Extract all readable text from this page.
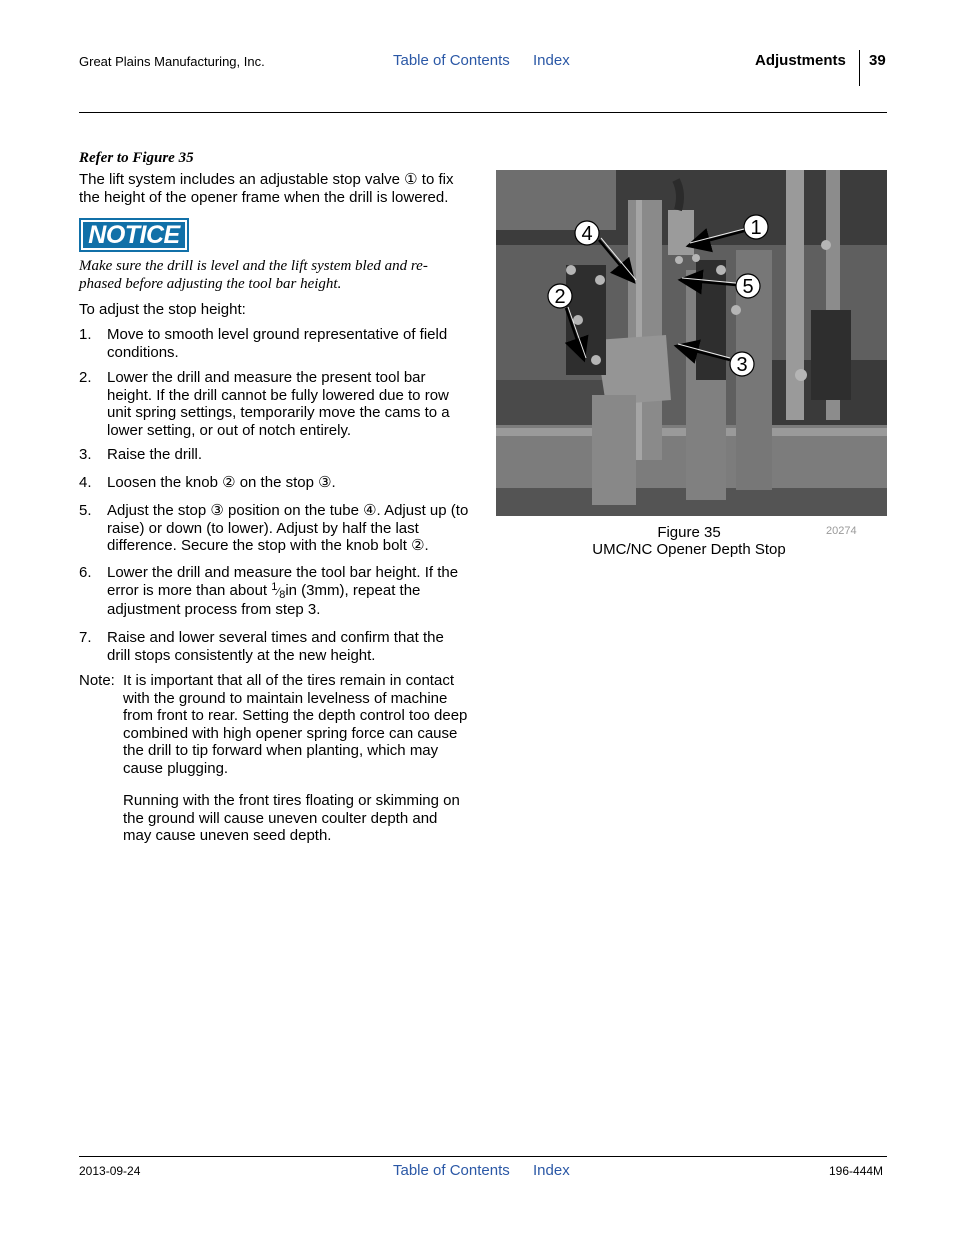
Great Plains Manufacturing, Inc.	Table of Contents Index	Adjustments 39
Refer to Figure 35
The lift system includes an adjustable stop valve ① to fix the height of the opener frame when the drill is lowered.
NOTICE
Make sure the drill is level and the lift system bled and re-phased before adjusting the tool bar height.
To adjust the stop height:
1. Move to smooth level ground representative of field conditions.
2. Lower the drill and measure the present tool bar height. If the drill cannot be fully lowered due to row unit spring settings, temporarily move the cams to a lower setting, or out of notch entirely.
3. Raise the drill.
4. Loosen the knob ② on the stop ③.
5. Adjust the stop ③ position on the tube ④. Adjust up (to raise) or down (to lower). Adjust by half the last difference. Secure the stop with the knob bolt ②.
6. Lower the drill and measure the tool bar height. If the error is more than about $^1⁄_8in$ (3mm), repeat the adjustment process from step 3.
7. Raise and lower several times and confirm that the drill stops consistently at the new height.
Note: It is important that all of the tires remain in contact with the ground to maintain levelness of machine from front to rear. Setting the depth control too deep combined with high opener spring force can cause the drill to tip forward when planting, which may cause plugging.
Running with the front tires floating or skimming on the ground will cause uneven coulter depth and may cause uneven seed depth.
1
4
2	5
3
Figure 35
UMC/NC Opener Depth Stop
20274
2013-09-24	Table of Contents Index	196-444M
